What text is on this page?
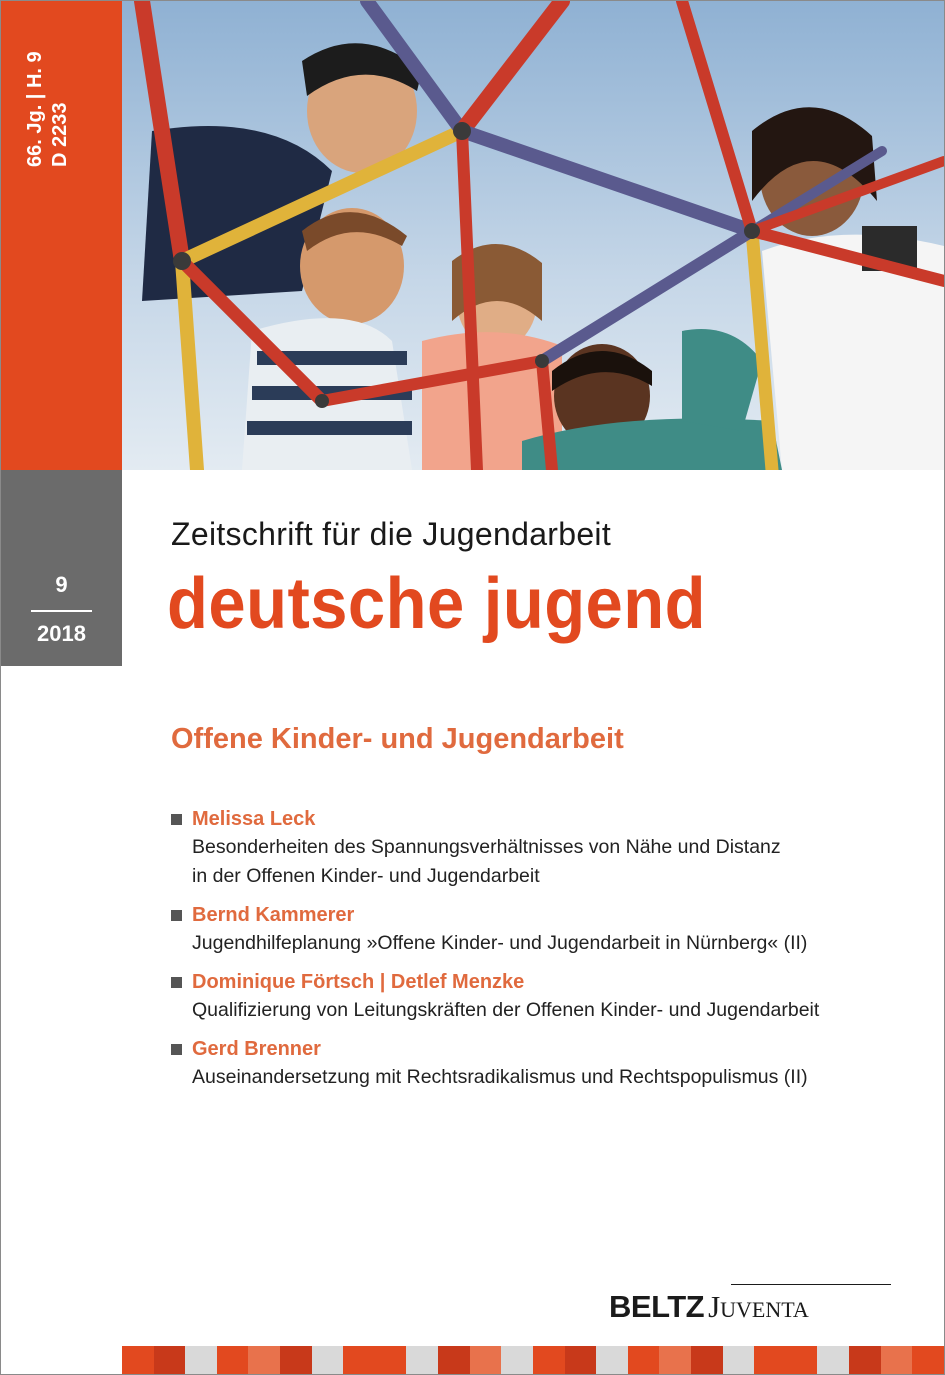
66. Jg. | H. 9 D 2233
9
2018
Zeitschrift für die Jugendarbeit
deutsche jugend
Offene Kinder- und Jugendarbeit
Melissa Leck
Besonderheiten des Spannungsverhältnisses von Nähe und Distanz
in der Offenen Kinder- und Jugendarbeit
Bernd Kammerer
Jugendhilfeplanung »Offene Kinder- und Jugendarbeit in Nürnberg« (II)
Dominique Förtsch | Detlef Menzke
Qualifizierung von Leitungskräften der Offenen Kinder- und Jugendarbeit
Gerd Brenner
Auseinandersetzung mit Rechtsradikalismus und Rechtspopulismus (II)
BELTZ Juventa
